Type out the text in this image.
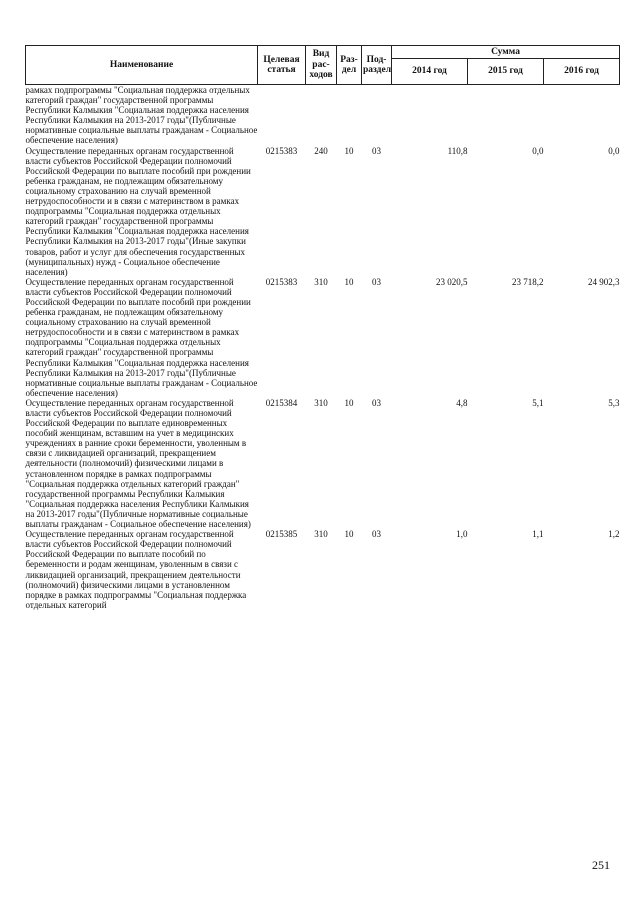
Наименование	Целевая статья	Вид рас-ходов	Раз-дел	Под-раздел	Сумма		
					2014 год	2015 год	2016 год
рамках подпрограммы "Социальная поддержка отдельных категорий граждан" государственной программы Республики Калмыкия "Социальная поддержка населения Республики Калмыкия на 2013-2017 годы"(Публичные нормативные социальные выплаты гражданам - Социальное обеспечение населения)							
Осуществление переданных органам государственной власти субъектов Российской Федерации полномочий Российской Федерации по выплате пособий при рождении ребенка гражданам, не подлежащим обязательному социальному страхованию на случай временной нетрудоспособности и в связи с материнством в рамках подпрограммы "Социальная поддержка отдельных категорий граждан" государственной программы Республики Калмыкия "Социальная поддержка населения Республики Калмыкия на 2013-2017 годы"(Иные закупки товаров, работ и услуг для обеспечения государственных (муниципальных) нужд - Социальное обеспечение населения)	0215383	240	10	03	110,8	0,0	0,0
Осуществление переданных органам государственной власти субъектов Российской Федерации полномочий Российской Федерации по выплате пособий при рождении ребенка гражданам, не подлежащим обязательному социальному страхованию на случай временной нетрудоспособности и в связи с материнством в рамках подпрограммы "Социальная поддержка отдельных категорий граждан" государственной программы Республики Калмыкия "Социальная поддержка населения Республики Калмыкия на 2013-2017 годы"(Публичные нормативные социальные выплаты гражданам - Социальное обеспечение населения)	0215383	310	10	03	23 020,5	23 718,2	24 902,3
Осуществление переданных органам государственной власти субъектов Российской Федерации полномочий Российской Федерации по выплате единовременных пособий женщинам, вставшим на учет в медицинских учреждениях в ранние сроки беременности, уволенным в связи с ликвидацией организаций, прекращением деятельности (полномочий) физическими лицами в установленном порядке в рамках подпрограммы "Социальная поддержка отдельных категорий граждан" государственной программы Республики Калмыкия "Социальная поддержка населения Республики Калмыкия на 2013-2017 годы"(Публичные нормативные социальные выплаты гражданам - Социальное обеспечение населения)	0215384	310	10	03	4,8	5,1	5,3
Осуществление переданных органам государственной власти субъектов Российской Федерации полномочий Российской Федерации по выплате пособий по беременности и родам женщинам, уволенным в связи с ликвидацией организаций, прекращением деятельности (полномочий) физическими лицами в установленном порядке в рамках подпрограммы "Социальная поддержка отдельных категорий	0215385	310	10	03	1,0	1,1	1,2
251
